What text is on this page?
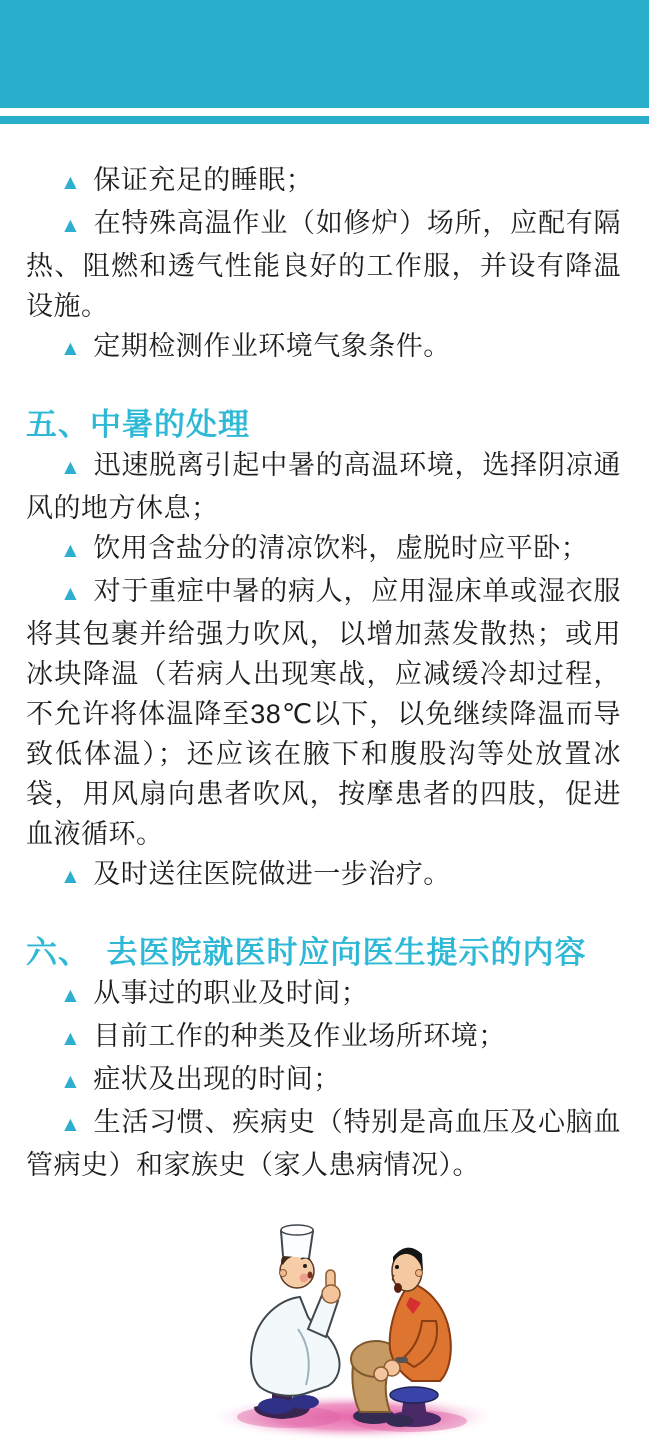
▲ 保证充足的睡眠；

▲ 在特殊高温作业（如修炉）场所，应配有隔热、阻燃和透气性能良好的工作服，并设有降温设施。

▲ 定期检测作业环境气象条件。

五、中暑的处理

▲ 迅速脱离引起中暑的高温环境，选择阴凉通风的地方休息；

▲ 饮用含盐分的清凉饮料，虚脱时应平卧；

▲ 对于重症中暑的病人，应用湿床单或湿衣服将其包裹并给强力吹风，以增加蒸发散热；或用冰块降温（若病人出现寒战，应减缓冷却过程，不允许将体温降至38℃以下，以免继续降温而导致低体温）；还应该在腋下和腹股沟等处放置冰袋，用风扇向患者吹风，按摩患者的四肢，促进血液循环。

▲ 及时送往医院做进一步治疗。

六、　去医院就医时应向医生提示的内容

▲ 从事过的职业及时间；

▲ 目前工作的种类及作业场所环境；

▲ 症状及出现的时间；

▲ 生活习惯、疾病史（特别是高血压及心脑血管病史）和家族史（家人患病情况）。
